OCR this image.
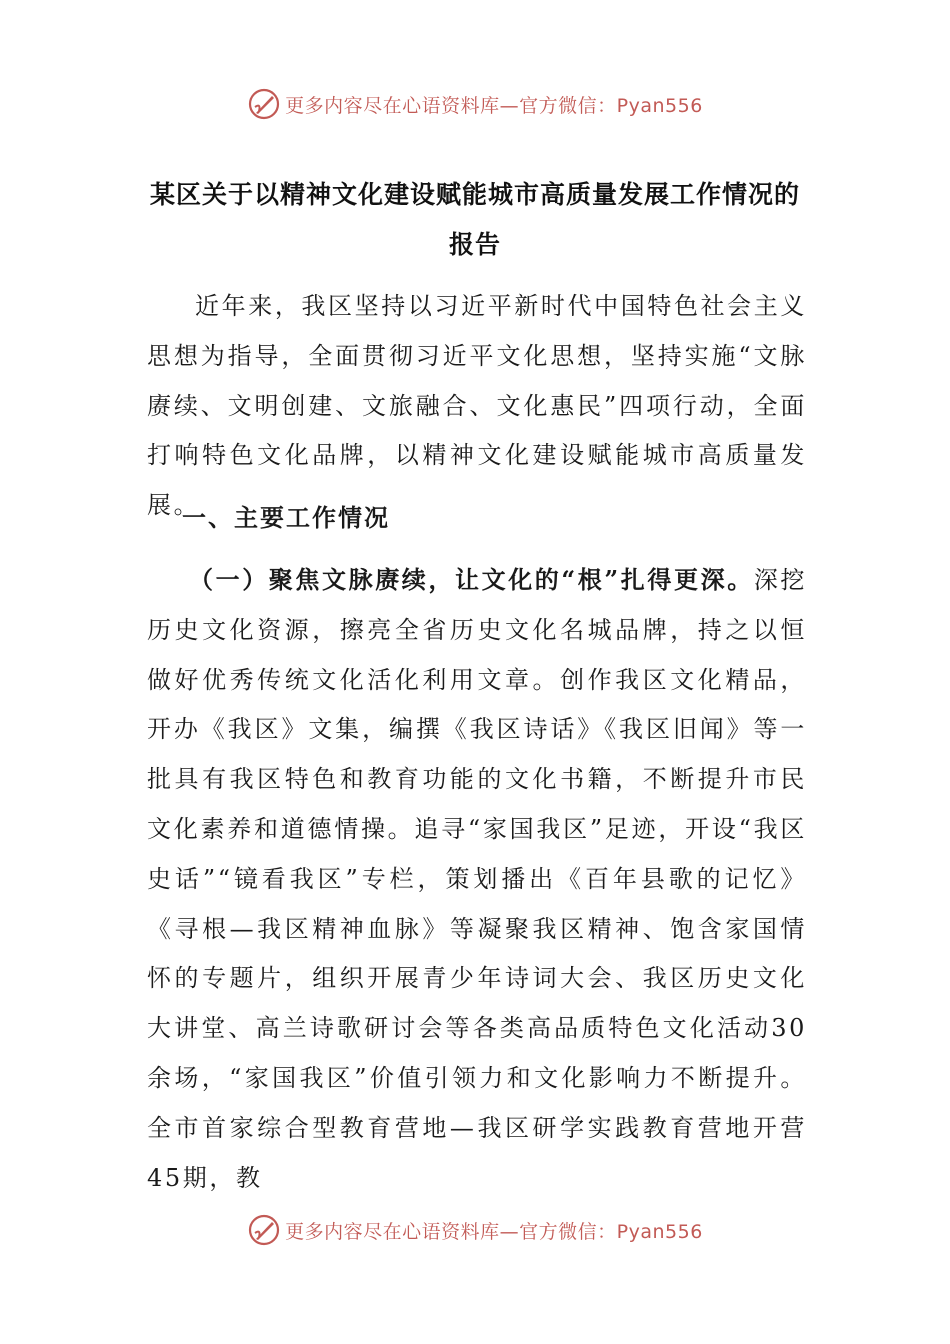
更多内容尽在心语资料库—官方微信：Pyan556
某区关于以精神文化建设赋能城市高质量发展工作情况的
报告

近年来，我区坚持以习近平新时代中国特色社会主义思想为指导，全面贯彻习近平文化思想，坚持实施“文脉赓续、文明创建、文旅融合、文化惠民”四项行动，全面打响特色文化品牌，以精神文化建设赋能城市高质量发展。

一、主要工作情况

（一）聚焦文脉赓续，让文化的“根”扎得更深。深挖历史文化资源，擦亮全省历史文化名城品牌，持之以恒做好优秀传统文化活化利用文章。创作我区文化精品，开办《我区》文集，编撰《我区诗话》《我区旧闻》等一批具有我区特色和教育功能的文化书籍，不断提升市民文化素养和道德情操。追寻“家国我区”足迹，开设“我区史话”“镜看我区”专栏，策划播出《百年县歌的记忆》《寻根—我区精神血脉》等凝聚我区精神、饱含家国情怀的专题片，组织开展青少年诗词大会、我区历史文化大讲堂、高兰诗歌研讨会等各类高品质特色文化活动30余场，“家国我区”价值引领力和文化影响力不断提升。全市首家综合型教育营地—我区研学实践教育营地开营45期，教

更多内容尽在心语资料库—官方微信：Pyan556
